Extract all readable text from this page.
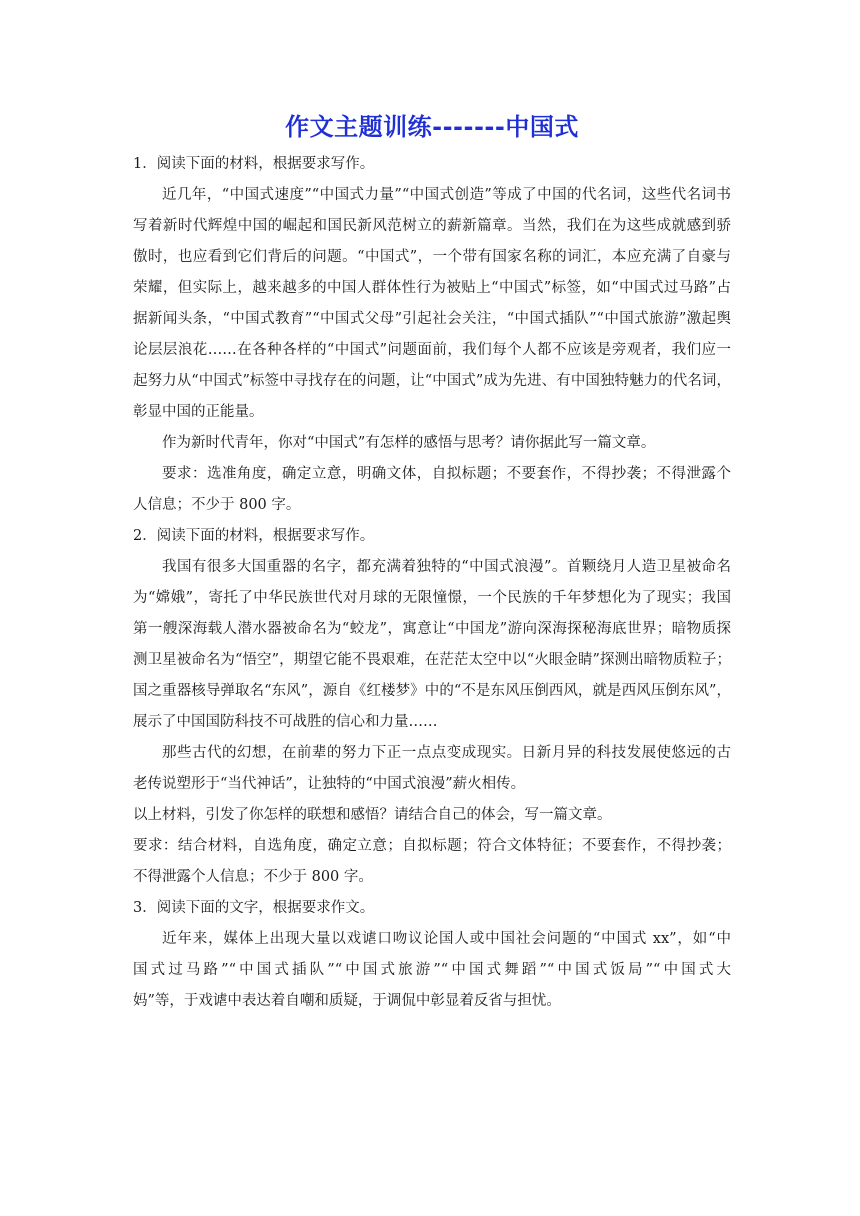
作文主题训练-------中国式

1．阅读下面的材料，根据要求写作。

近几年，“中国式速度”“中国式力量”“中国式创造”等成了中国的代名词，这些代名词书

写着新时代辉煌中国的崛起和国民新风范树立的薪新篇章。当然，我们在为这些成就感到骄

傲时，也应看到它们背后的问题。“中国式”，一个带有国家名称的词汇，本应充满了自豪与

荣耀，但实际上，越来越多的中国人群体性行为被贴上“中国式”标签，如“中国式过马路”占

据新闻头条，“中国式教育”“中国式父母”引起社会关注，“中国式插队”“中国式旅游”激起舆

论层层浪花……在各种各样的“中国式”问题面前，我们每个人都不应该是旁观者，我们应一

起努力从“中国式”标签中寻找存在的问题，让“中国式”成为先进、有中国独特魅力的代名词，

彰显中国的正能量。

作为新时代青年，你对“中国式”有怎样的感悟与思考？请你据此写一篇文章。

要求：选准角度，确定立意，明确文体，自拟标题；不要套作，不得抄袭；不得泄露个

人信息；不少于 800 字。

2．阅读下面的材料，根据要求写作。

我国有很多大国重器的名字，都充满着独特的“中国式浪漫”。首颗绕月人造卫星被命名

为“嫦娥”，寄托了中华民族世代对月球的无限憧憬，一个民族的千年梦想化为了现实；我国

第一艘深海载人潜水器被命名为“蛟龙”，寓意让“中国龙”游向深海探秘海底世界；暗物质探

测卫星被命名为“悟空”，期望它能不畏艰难，在茫茫太空中以“火眼金睛”探测出暗物质粒子；

国之重器核导弹取名“东风”，源自《红楼梦》中的“不是东风压倒西风，就是西风压倒东风”，

展示了中国国防科技不可战胜的信心和力量……

那些古代的幻想，在前辈的努力下正一点点变成现实。日新月异的科技发展使悠远的古

老传说塑形于“当代神话”，让独特的“中国式浪漫”薪火相传。

以上材料，引发了你怎样的联想和感悟？请结合自己的体会，写一篇文章。

要求：结合材料，自选角度，确定立意；自拟标题；符合文体特征；不要套作，不得抄袭；

不得泄露个人信息；不少于 800 字。

3．阅读下面的文字，根据要求作文。

近年来，媒体上出现大量以戏谑口吻议论国人或中国社会问题的“中国式 xx”，如“中

国式过马路”“中国式插队”“中国式旅游”“中国式舞蹈”“中国式饭局”“中国式大

妈”等，于戏谑中表达着自嘲和质疑，于调侃中彰显着反省与担忧。
